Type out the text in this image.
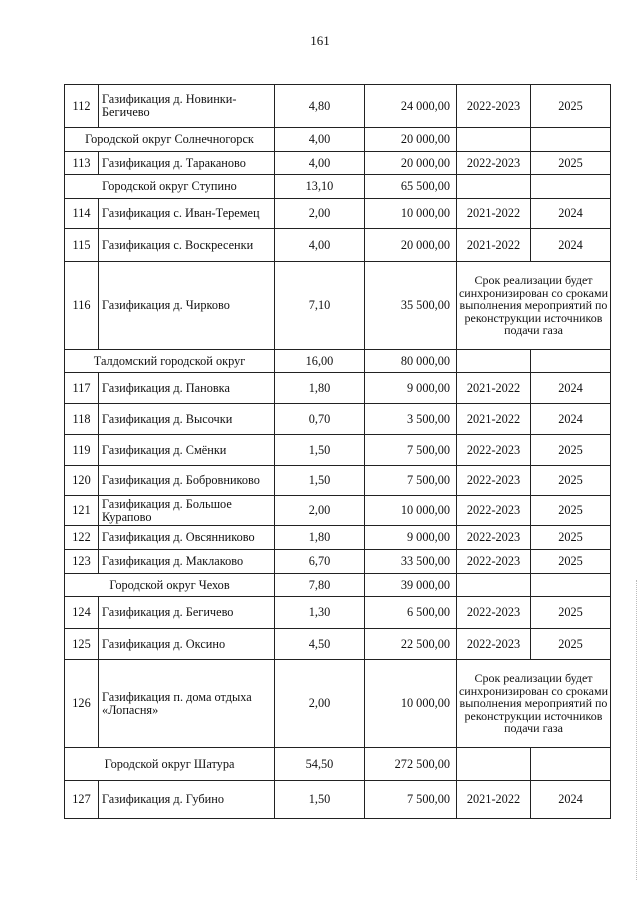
161
112	Газификация д. Новинки-Бегичево	4,80	24 000,00	2022-2023	2025
Городской округ Солнечногорск		4,00	20 000,00		
113	Газификация д. Тараканово	4,00	20 000,00	2022-2023	2025
Городской округ Ступино		13,10	65 500,00		
114	Газификация с. Иван-Теремец	2,00	10 000,00	2021-2022	2024
115	Газификация с. Воскресенки	4,00	20 000,00	2021-2022	2024
116	Газификация д. Чирково	7,10	35 500,00	Срок реализации будет синхронизирован со сроками выполнения мероприятий по реконструкции источников подачи газа	
Талдомский городской округ		16,00	80 000,00		
117	Газификация д. Пановка	1,80	9 000,00	2021-2022	2024
118	Газификация д. Высочки	0,70	3 500,00	2021-2022	2024
119	Газификация д. Смёнки	1,50	7 500,00	2022-2023	2025
120	Газификация д. Бобровниково	1,50	7 500,00	2022-2023	2025
121	Газификация д. Большое Курапово	2,00	10 000,00	2022-2023	2025
122	Газификация д. Овсянниково	1,80	9 000,00	2022-2023	2025
123	Газификация д. Маклаково	6,70	33 500,00	2022-2023	2025
Городской округ Чехов		7,80	39 000,00		
124	Газификация д. Бегичево	1,30	6 500,00	2022-2023	2025
125	Газификация д. Оксино	4,50	22 500,00	2022-2023	2025
126	Газификация п. дома отдыха «Лопасня»	2,00	10 000,00	Срок реализации будет синхронизирован со сроками выполнения мероприятий по реконструкции источников подачи газа	
Городской округ Шатура		54,50	272 500,00		
127	Газификация д. Губино	1,50	7 500,00	2021-2022	2024
